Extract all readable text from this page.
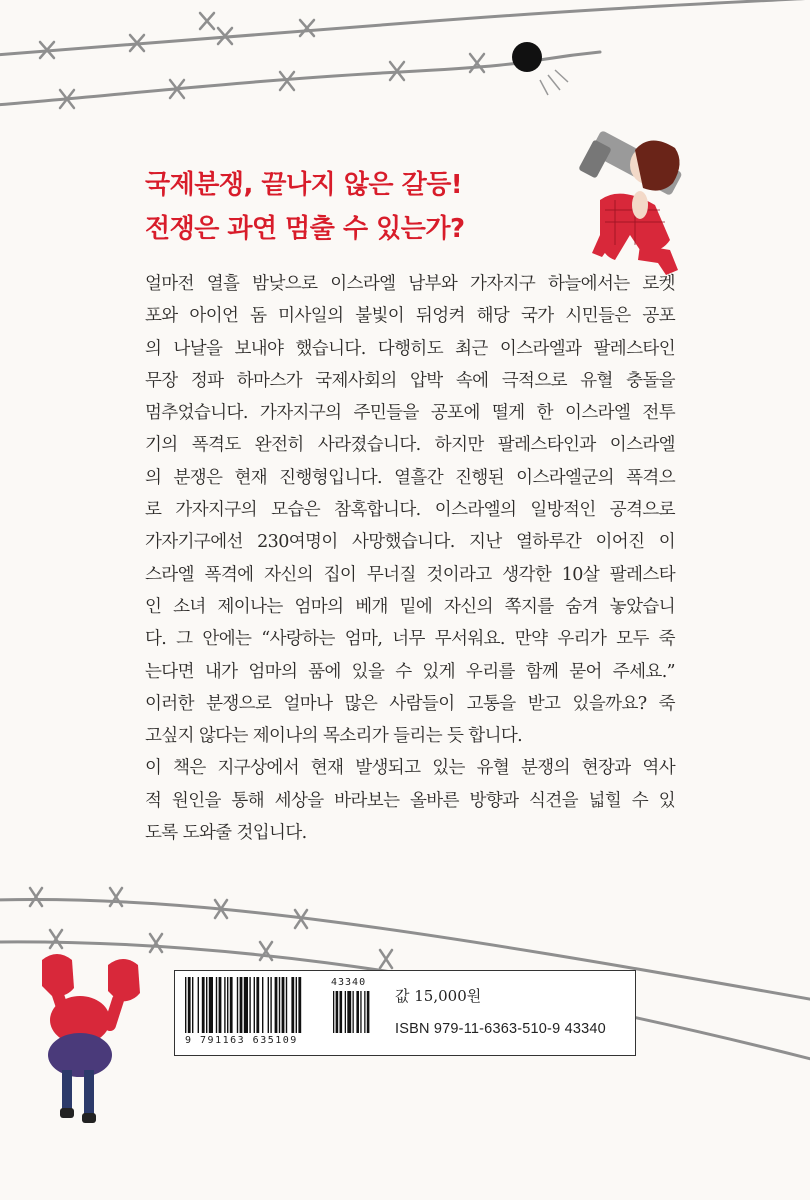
국제분쟁, 끝나지 않은 갈등!
전쟁은 과연 멈출 수 있는가?
얼마전 열흘 밤낮으로 이스라엘 남부와 가자지구 하늘에서는 로켓
포와 아이언 돔 미사일의 불빛이 뒤엉켜 해당 국가 시민들은 공포
의 나날을 보내야 했습니다. 다행히도 최근 이스라엘과 팔레스타인
무장 정파 하마스가 국제사회의 압박 속에 극적으로 유혈 충돌을
멈추었습니다. 가자지구의 주민들을 공포에 떨게 한 이스라엘 전투
기의 폭격도 완전히 사라졌습니다. 하지만 팔레스타인과 이스라엘
의 분쟁은 현재 진행형입니다. 열흘간 진행된 이스라엘군의 폭격으
로 가자지구의 모습은 참혹합니다. 이스라엘의 일방적인 공격으로
가자기구에선 230여명이 사망했습니다. 지난 열하루간 이어진 이
스라엘 폭격에 자신의 집이 무너질 것이라고 생각한 10살 팔레스타
인 소녀 제이나는 엄마의 베개 밑에 자신의 쪽지를 숨겨 놓았습니
다. 그 안에는 “사랑하는 엄마, 너무 무서워요. 만약 우리가 모두 죽
는다면 내가 엄마의 품에 있을 수 있게 우리를 함께 묻어 주세요.”
이러한 분쟁으로 얼마나 많은 사람들이 고통을 받고 있을까요? 죽
고싶지 않다는 제이나의 목소리가 들리는 듯 합니다.
이 책은 지구상에서 현재 발생되고 있는 유혈 분쟁의 현장과 역사
적 원인을 통해 세상을 바라보는 올바른 방향과 식견을 넓힐 수 있
도록 도와줄 것입니다.
43340
9 791163 635109
값 15,000원
ISBN 979-11-6363-510-9 43340
